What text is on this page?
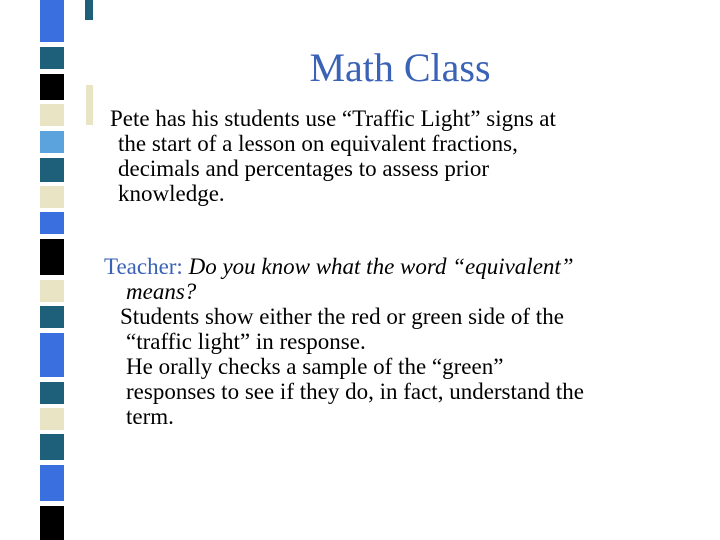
Math Class
Pete has his students use “Traffic Light” signs at
the start of a lesson on equivalent fractions,
decimals and percentages to assess prior
knowledge.
Teacher: Do you know what the word “equivalent”
means?
Students show either the red or green side of the
“traffic light” in response.
He orally checks a sample of the “green”
responses to see if they do, in fact, understand the
term.
